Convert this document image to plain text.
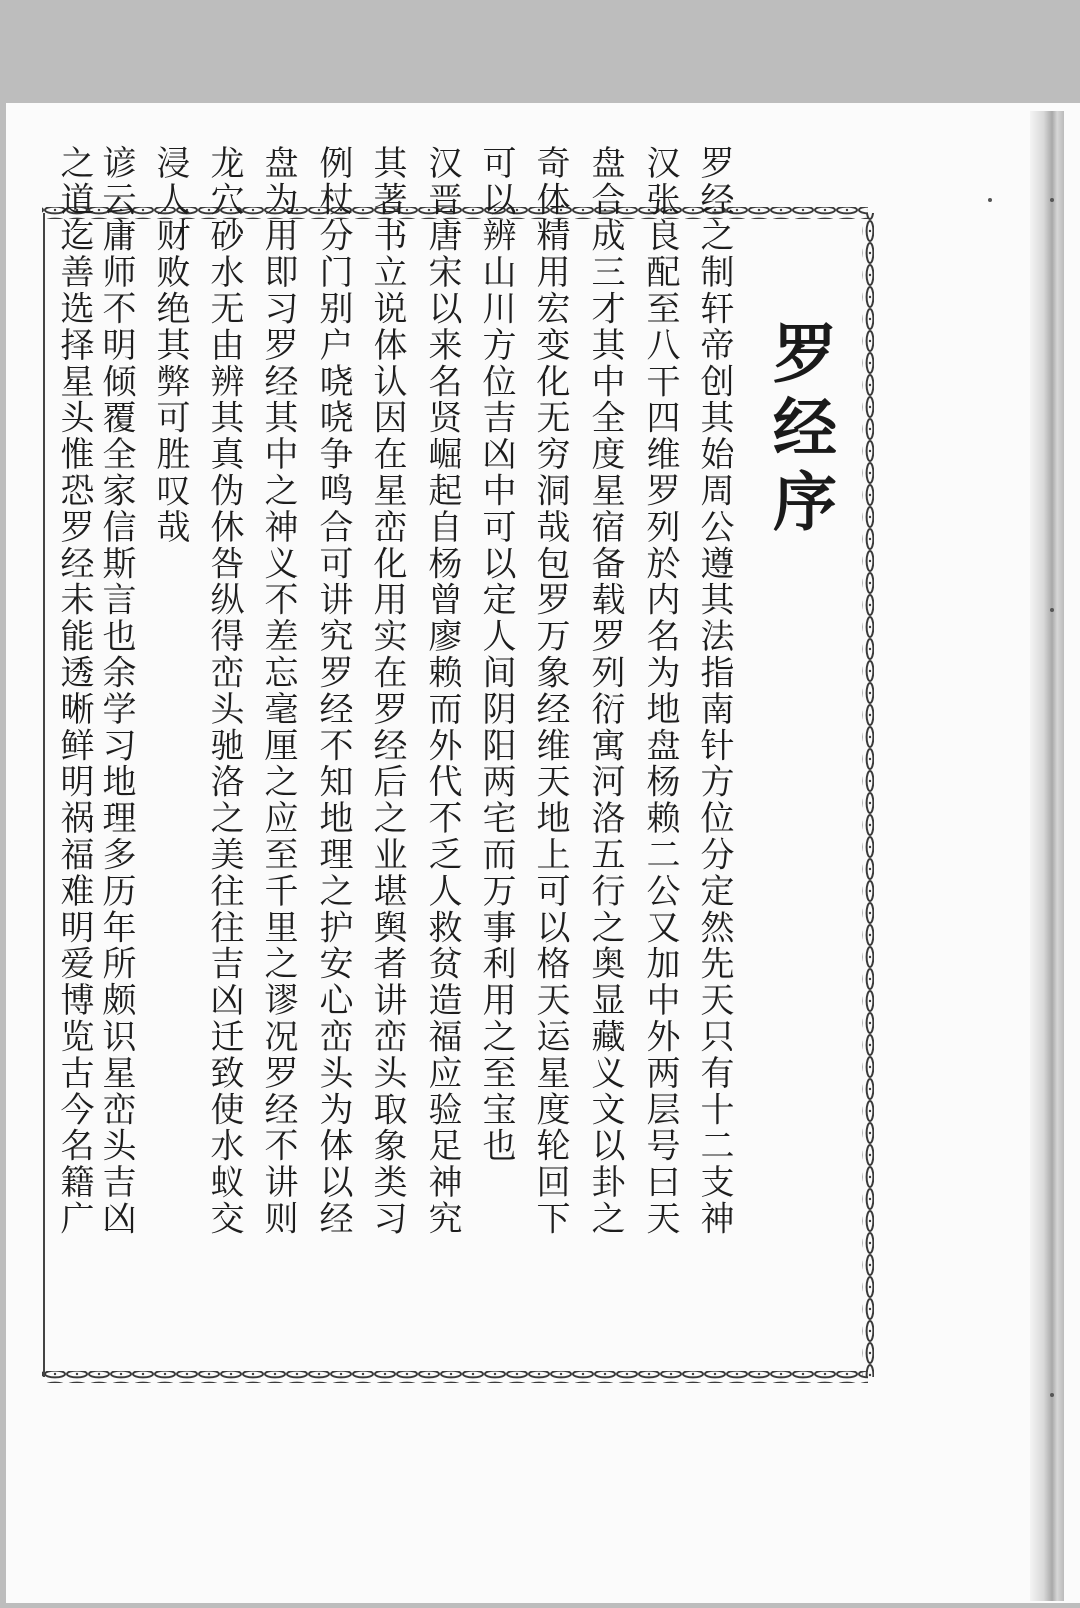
罗经序
罗经之制轩帝创其始周公遵其法指南针方位分定然先天只有十二支神
汉张良配至八干四维罗列於内名为地盘杨赖二公又加中外两层号曰天
盘合成三才其中全度星宿备载罗列衍寓河洛五行之奥显藏义文以卦之
奇体精用宏变化无穷洞哉包罗万象经维天地上可以格天运星度轮回下
可以辨山川方位吉凶中可以定人间阴阳两宅而万事利用之至宝也
汉晋唐宋以来名贤崛起自杨曾廖赖而外代不乏人救贫造福应验足神究
其著书立说体认因在星峦化用实在罗经后之业堪舆者讲峦头取象类习
例杖分门别户哓哓争鸣合可讲究罗经不知地理之护安心峦头为体以经
盘为用即习罗经其中之神义不差忘毫厘之应至千里之谬况罗经不讲则
龙穴砂水无由辨其真伪休咎纵得峦头驰洛之美往往吉凶迁致使水蚁交
浸人财败绝其弊可胜叹哉
谚云庸师不明倾覆全家信斯言也余学习地理多历年所颇识星峦头吉凶
之道迄善选择星头惟恐罗经未能透晰鲜明祸福难明爱博览古今名籍广
